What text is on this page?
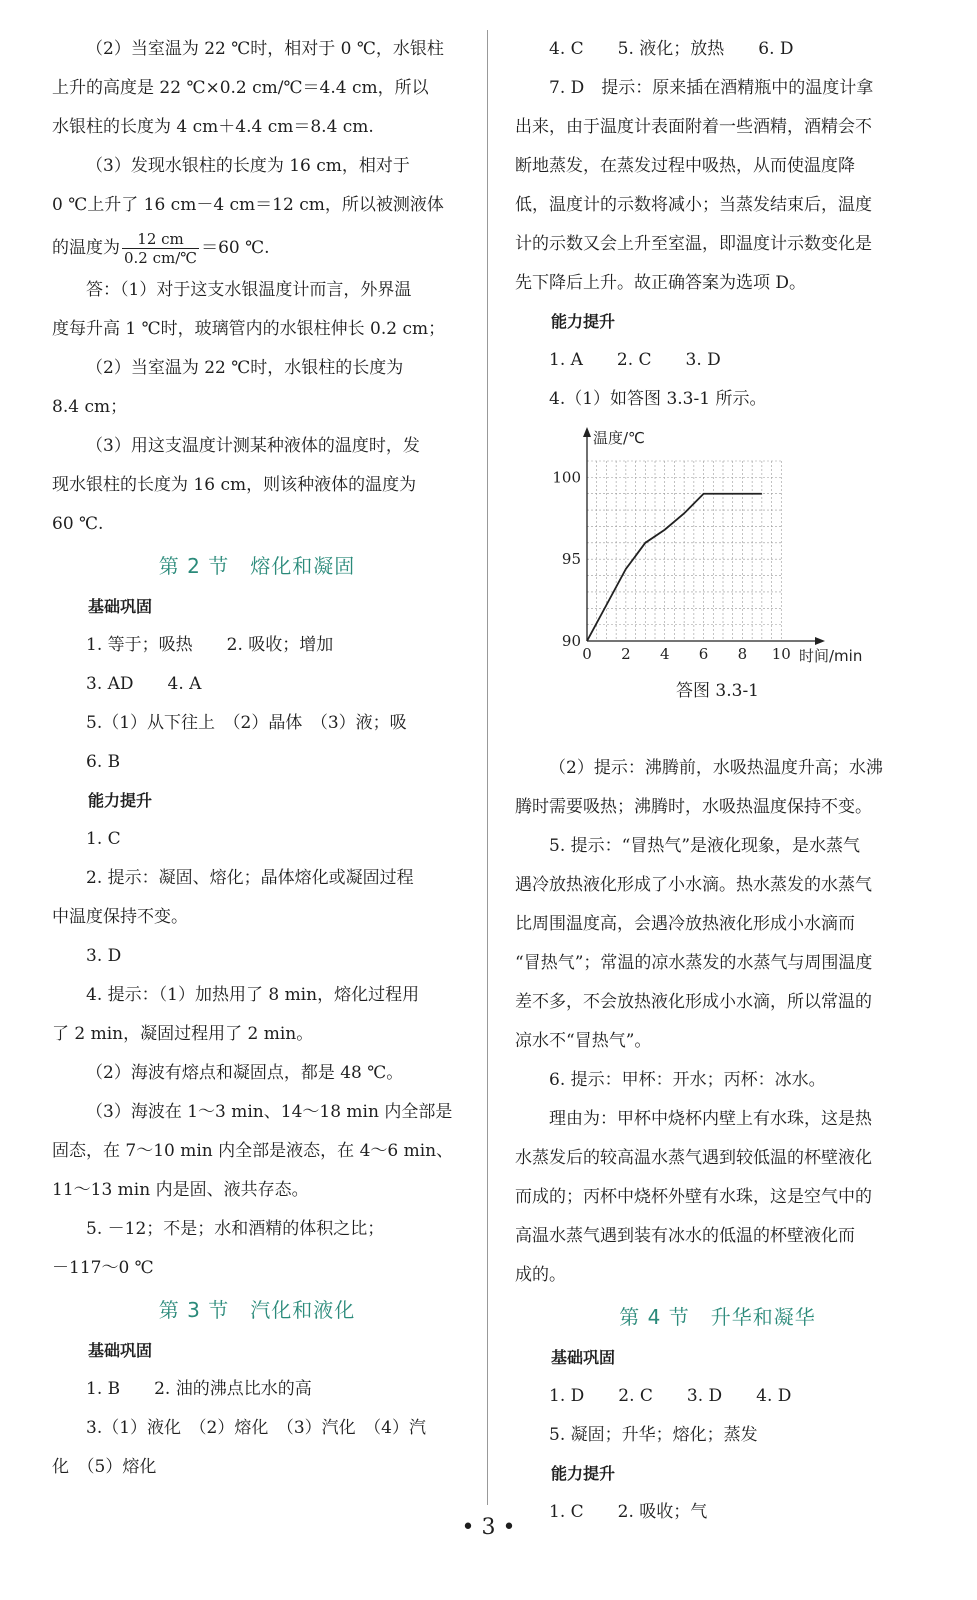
（2）当室温为 22 ℃时，相对于 0 ℃，水银柱
上升的高度是 22 ℃×0.2 cm/℃＝4.4 cm，所以
水银柱的长度为 4 cm＋4.4 cm＝8.4 cm.
（3）发现水银柱的长度为 16 cm，相对于
0 ℃上升了 16 cm－4 cm＝12 cm，所以被测液体
的温度为 $\frac{12 cm}{0.2 cm/℃} =60$ ℃.
答：（1）对于这支水银温度计而言，外界温
度每升高 1 ℃时，玻璃管内的水银柱伸长 0.2 cm；
（2）当室温为 22 ℃时，水银柱的长度为
8.4 cm；
（3）用这支温度计测某种液体的温度时，发
现水银柱的长度为 16 cm，则该种液体的温度为
60 ℃.
第 2 节　熔化和凝固
基础巩固
1. 等于；吸热　　2. 吸收；增加
3. AD　　4. A
5.（1）从下往上　（2）晶体　（3）液；吸
6. B
能力提升
1. C
2. 提示：凝固、熔化；晶体熔化或凝固过程
中温度保持不变。
3. D
4. 提示：（1）加热用了 8 min，熔化过程用
了 2 min，凝固过程用了 2 min。
（2）海波有熔点和凝固点，都是 48 ℃。
（3）海波在 1～3 min、14～18 min 内全部是
固态，在 7～10 min 内全部是液态，在 4～6 min、
11～13 min 内是固、液共存态。
5. －12；不是；水和酒精的体积之比；
－117～0 ℃
第 3 节　汽化和液化
基础巩固
1. B　　2. 油的沸点比水的高
3.（1）液化　（2）熔化　（3）汽化　（4）汽
化　（5）熔化
4. C　　5. 液化；放热　　6. D
7. D　提示：原来插在酒精瓶中的温度计拿
出来，由于温度计表面附着一些酒精，酒精会不
断地蒸发，在蒸发过程中吸热，从而使温度降
低，温度计的示数将减小；当蒸发结束后，温度
计的示数又会上升至室温，即温度计示数变化是
先下降后上升。故正确答案为选项 D。
能力提升
1. A　　2. C　　3. D
4.（1）如答图 3.3-1 所示。
0 2 4 6 8 10
90
95
100
时间/min
温度/℃
答图 3.3-1
（2）提示：沸腾前，水吸热温度升高；水沸
腾时需要吸热；沸腾时，水吸热温度保持不变。
5. 提示：“冒热气”是液化现象，是水蒸气
遇冷放热液化形成了小水滴。热水蒸发的水蒸气
比周围温度高，会遇冷放热液化形成小水滴而
“冒热气”；常温的凉水蒸发的水蒸气与周围温度
差不多，不会放热液化形成小水滴，所以常温的
凉水不“冒热气”。
6. 提示：甲杯：开水；丙杯：冰水。
理由为：甲杯中烧杯内壁上有水珠，这是热
水蒸发后的较高温水蒸气遇到较低温的杯壁液化
而成的；丙杯中烧杯外壁有水珠，这是空气中的
高温水蒸气遇到装有冰水的低温的杯壁液化而
成的。
第 4 节　升华和凝华
基础巩固
1. D　　2. C　　3. D　　4. D
5. 凝固；升华；熔化；蒸发
能力提升
1. C　　2. 吸收；气
• 3 •
